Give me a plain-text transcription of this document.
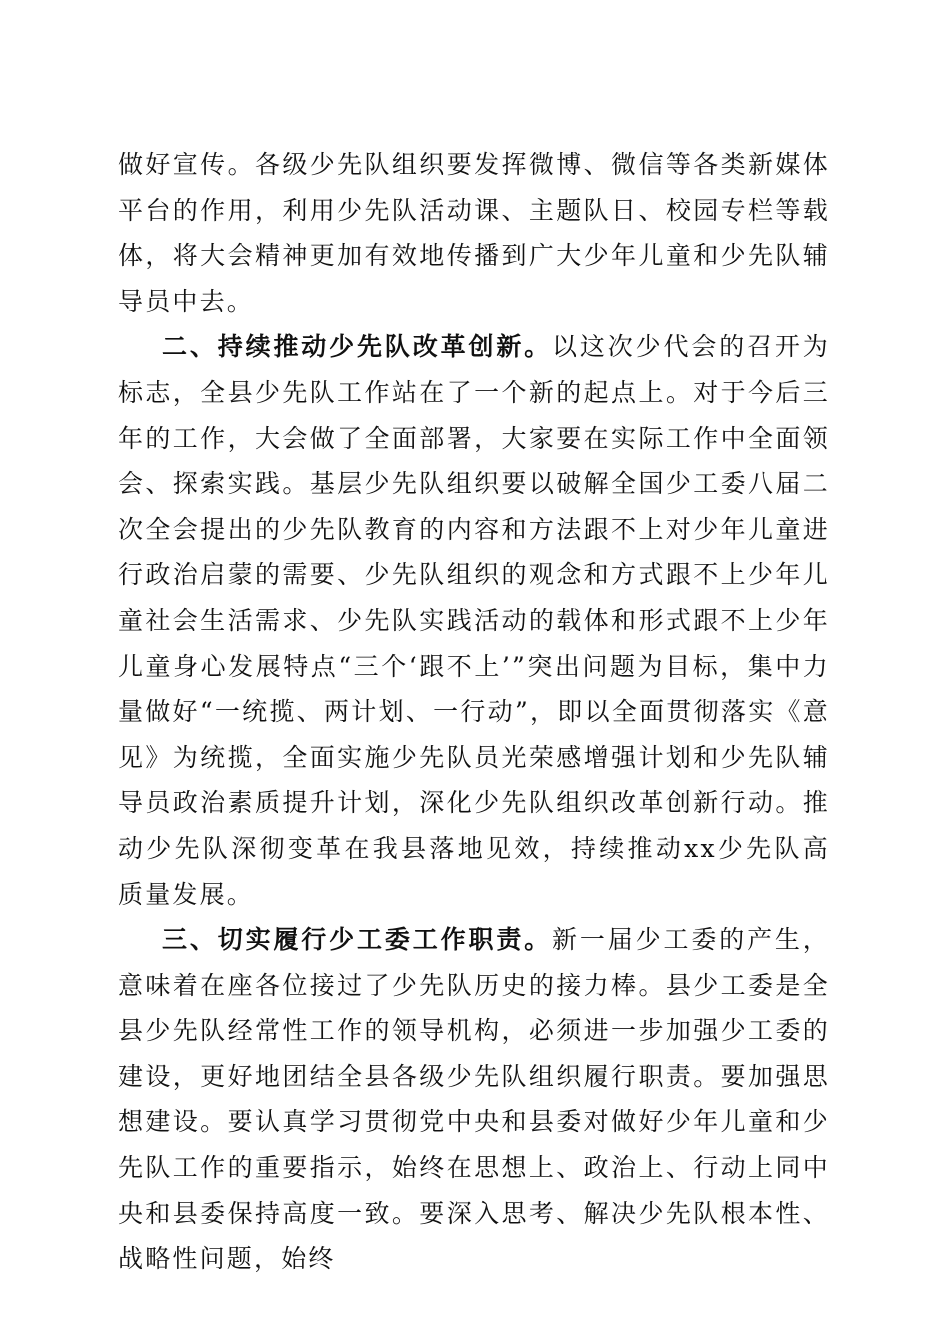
做好宣传。各级少先队组织要发挥微博、微信等各类新媒体平台的作用，利用少先队活动课、主题队日、校园专栏等载体，将大会精神更加有效地传播到广大少年儿童和少先队辅导员中去。

二、持续推动少先队改革创新。以这次少代会的召开为标志，全县少先队工作站在了一个新的起点上。对于今后三年的工作，大会做了全面部署，大家要在实际工作中全面领会、探索实践。基层少先队组织要以破解全国少工委八届二次全会提出的少先队教育的内容和方法跟不上对少年儿童进行政治启蒙的需要、少先队组织的观念和方式跟不上少年儿童社会生活需求、少先队实践活动的载体和形式跟不上少年儿童身心发展特点“三个‘跟不上’”突出问题为目标，集中力量做好“一统揽、两计划、一行动”，即以全面贯彻落实《意见》为统揽，全面实施少先队员光荣感增强计划和少先队辅导员政治素质提升计划，深化少先队组织改革创新行动。推动少先队深彻变革在我县落地见效，持续推动xx少先队高质量发展。

三、切实履行少工委工作职责。新一届少工委的产生，意味着在座各位接过了少先队历史的接力棒。县少工委是全县少先队经常性工作的领导机构，必须进一步加强少工委的建设，更好地团结全县各级少先队组织履行职责。要加强思想建设。要认真学习贯彻党中央和县委对做好少年儿童和少先队工作的重要指示，始终在思想上、政治上、行动上同中央和县委保持高度一致。要深入思考、解决少先队根本性、战略性问题，始终
